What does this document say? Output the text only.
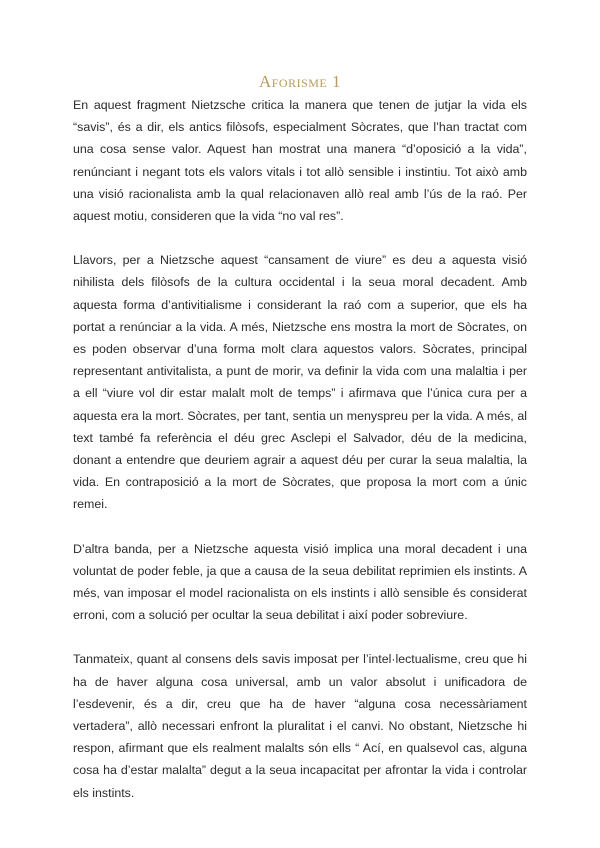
Aforisme 1

En aquest fragment Nietzsche critica la manera que tenen de jutjar la vida els “savis”, és a dir, els antics filòsofs, especialment Sòcrates, que l’han tractat com una cosa sense valor. Aquest han mostrat una manera “d’oposició a la vida”, renúnciant i negant tots els valors vitals i tot allò sensible i instintiu. Tot això amb una visió racionalista amb la qual relacionaven allò real amb l’ús de la raó. Per aquest motiu, consideren que la vida “no val res”.

Llavors, per a Nietzsche aquest “cansament de viure” es deu a aquesta visió nihilista dels filòsofs de la cultura occidental i la seua moral decadent. Amb aquesta forma d’antivitialisme i considerant la raó com a superior, que els ha portat a renúnciar a la vida. A més, Nietzsche ens mostra la mort de Sòcrates, on es poden observar d’una forma molt clara aquestos valors. Sòcrates, principal representant antivitalista, a punt de morir, va definir la vida com una malaltia i per a ell “viure vol dir estar malalt molt de temps” i afirmava que l’única cura per a aquesta era la mort. Sòcrates, per tant, sentia un menyspreu per la vida. A més, al text també fa referència el déu grec Asclepi el Salvador, déu de la medicina, donant a entendre que deuriem agrair a aquest déu per curar la seua malaltia, la vida. En contraposició a la mort de Sòcrates, que proposa la mort com a únic remei.

D’altra banda, per a Nietzsche aquesta visió implica una moral decadent i una voluntat de poder feble, ja que a causa de la seua debilitat reprimien els instints. A més, van imposar el model racionalista on els instints i allò sensible és considerat erroni, com a solució per ocultar la seua debilitat i així poder sobreviure.

Tanmateix, quant al consens dels savis imposat per l’intel·lectualisme, creu que hi ha de haver alguna cosa universal, amb un valor absolut i unificadora de l’esdevenir, és a dir, creu que ha de haver “alguna cosa necessàriament vertadera”, allò necessari enfront la pluralitat i el canvi. No obstant, Nietzsche hi respon, afirmant que els realment malalts són ells “ Ací, en qualsevol cas, alguna cosa ha d’estar malalta” degut a la seua incapacitat per afrontar la vida i controlar els instints.
